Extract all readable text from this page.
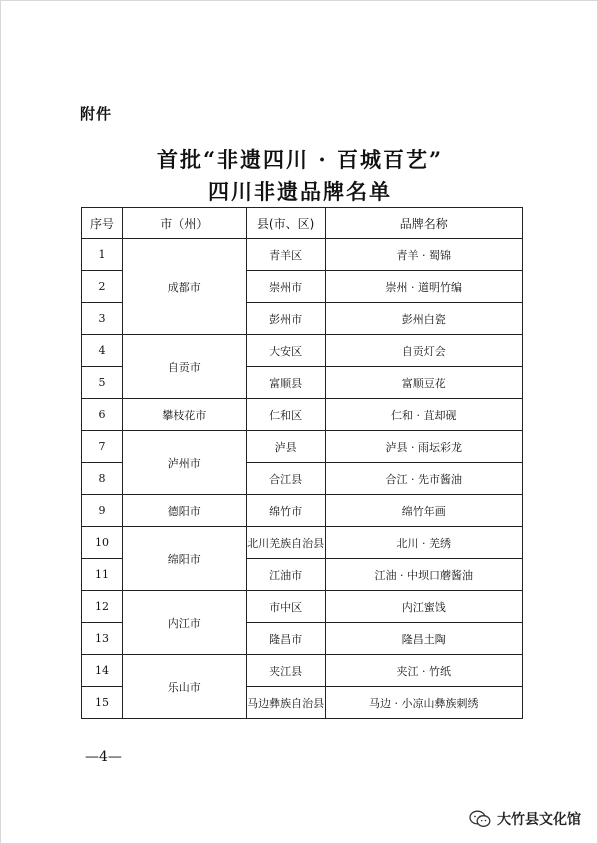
附件
首批“非遗四川 · 百城百艺”
四川非遗品牌名单
序号	市（州）	县(市、区)	品牌名称
1	成都市	青羊区	青羊 · 蜀锦
2		崇州市	崇州 · 道明竹编
3		彭州市	彭州白瓷
4	自贡市	大安区	自贡灯会
5		富顺县	富顺豆花
6	攀枝花市	仁和区	仁和 · 苴却砚
7	泸州市	泸县	泸县 · 雨坛彩龙
8		合江县	合江 · 先市酱油
9	德阳市	绵竹市	绵竹年画
10	绵阳市	北川羌族自治县	北川 · 羌绣
11		江油市	江油 · 中坝口蘑酱油
12	内江市	市中区	内江蜜饯
13		隆昌市	隆昌土陶
14	乐山市	夹江县	夹江 · 竹纸
15		马边彝族自治县	马边 · 小凉山彝族刺绣
—4—
大竹县文化馆
